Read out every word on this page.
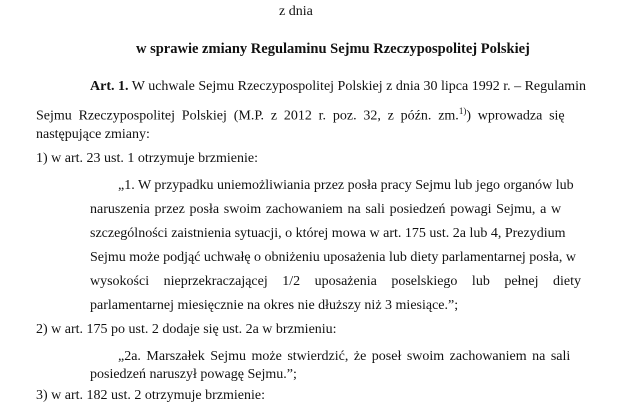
z dnia
w sprawie zmiany Regulaminu Sejmu Rzeczypospolitej Polskiej
Art. 1. W uchwale Sejmu Rzeczypospolitej Polskiej z dnia 30 lipca 1992 r. – Regulamin
Sejmu Rzeczypospolitej Polskiej (M.P. z 2012 r. poz. 32, z późn. zm.$^{1)}$) wprowadza się
następujące zmiany:
1) w art. 23 ust. 1 otrzymuje brzmienie:
„1. W przypadku uniemożliwiania przez posła pracy Sejmu lub jego organów lub
naruszenia przez posła swoim zachowaniem na sali posiedzeń powagi Sejmu, a w
szczególności zaistnienia sytuacji, o której mowa w art. 175 ust. 2a lub 4, Prezydium
Sejmu może podjąć uchwałę o obniżeniu uposażenia lub diety parlamentarnej posła, w
wysokości nieprzekraczającej 1/2 uposażenia poselskiego lub pełnej diety
parlamentarnej miesięcznie na okres nie dłuższy niż 3 miesiące.”;
2) w art. 175 po ust. 2 dodaje się ust. 2a w brzmieniu:
„2a. Marszałek Sejmu może stwierdzić, że poseł swoim zachowaniem na sali
posiedzeń naruszył powagę Sejmu.”;
3) w art. 182 ust. 2 otrzymuje brzmienie:
